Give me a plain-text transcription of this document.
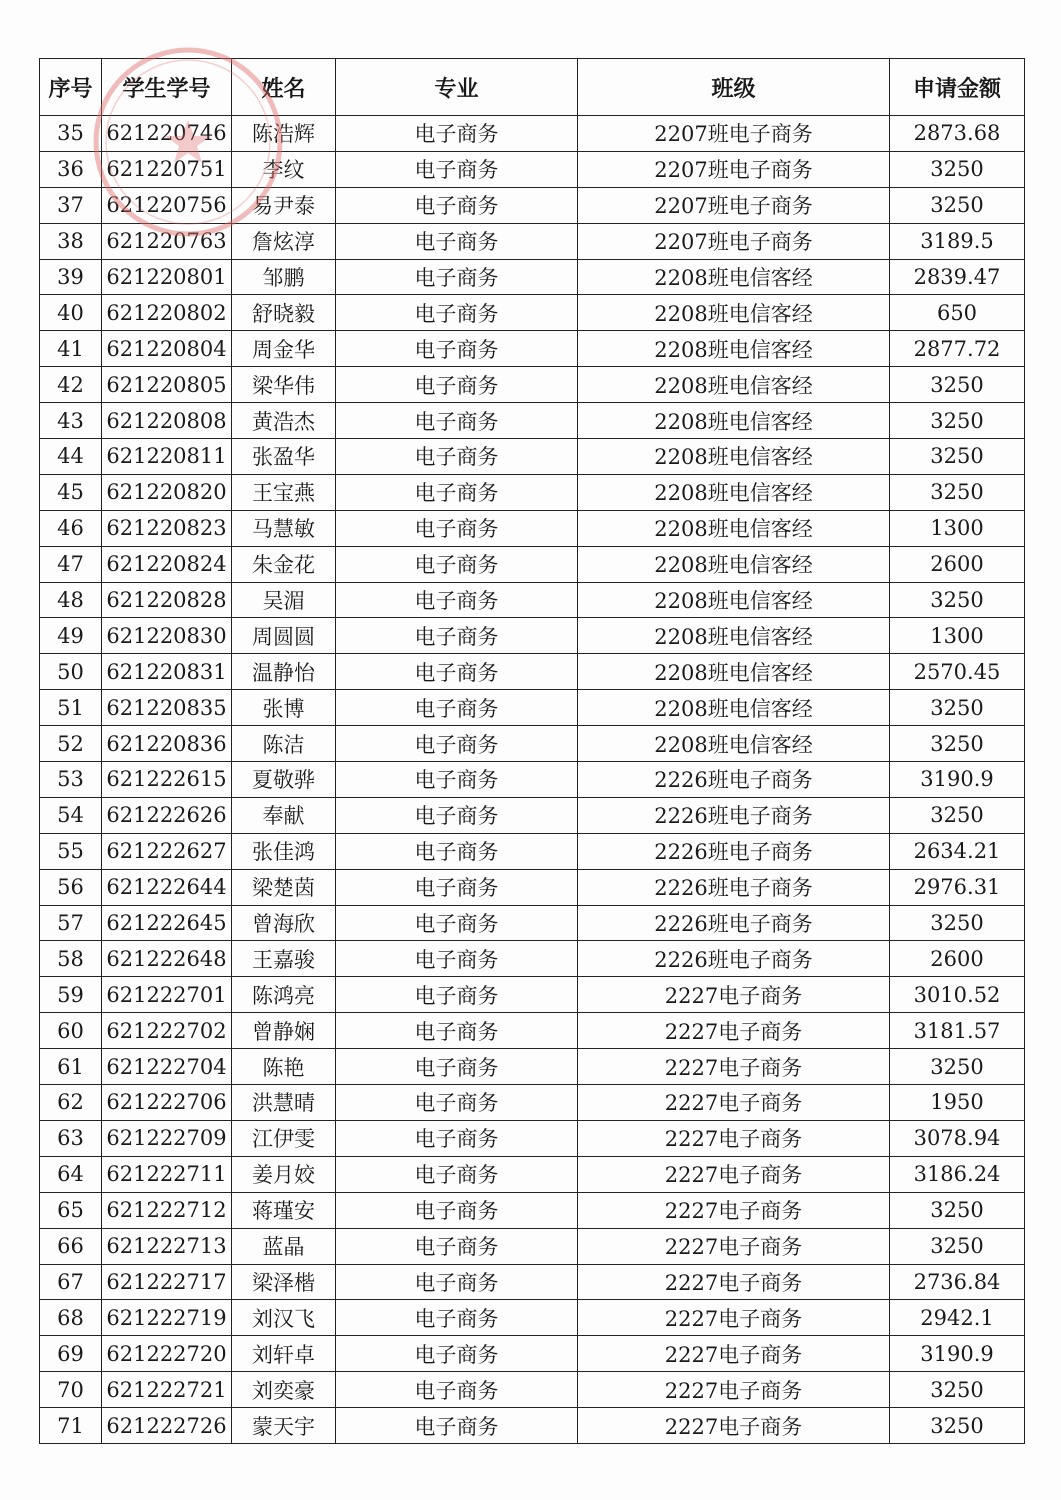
序号	学生学号	姓名	专业	班级	申请金额
35	621220746	陈浩辉	电子商务	2207班电子商务	2873.68
36	621220751	李纹	电子商务	2207班电子商务	3250
37	621220756	易尹泰	电子商务	2207班电子商务	3250
38	621220763	詹炫淳	电子商务	2207班电子商务	3189.5
39	621220801	邹鹏	电子商务	2208班电信客经	2839.47
40	621220802	舒晓毅	电子商务	2208班电信客经	650
41	621220804	周金华	电子商务	2208班电信客经	2877.72
42	621220805	梁华伟	电子商务	2208班电信客经	3250
43	621220808	黄浩杰	电子商务	2208班电信客经	3250
44	621220811	张盈华	电子商务	2208班电信客经	3250
45	621220820	王宝燕	电子商务	2208班电信客经	3250
46	621220823	马慧敏	电子商务	2208班电信客经	1300
47	621220824	朱金花	电子商务	2208班电信客经	2600
48	621220828	吴湄	电子商务	2208班电信客经	3250
49	621220830	周圆圆	电子商务	2208班电信客经	1300
50	621220831	温静怡	电子商务	2208班电信客经	2570.45
51	621220835	张博	电子商务	2208班电信客经	3250
52	621220836	陈洁	电子商务	2208班电信客经	3250
53	621222615	夏敬骅	电子商务	2226班电子商务	3190.9
54	621222626	奉献	电子商务	2226班电子商务	3250
55	621222627	张佳鸿	电子商务	2226班电子商务	2634.21
56	621222644	梁楚茵	电子商务	2226班电子商务	2976.31
57	621222645	曾海欣	电子商务	2226班电子商务	3250
58	621222648	王嘉骏	电子商务	2226班电子商务	2600
59	621222701	陈鸿亮	电子商务	2227电子商务	3010.52
60	621222702	曾静娴	电子商务	2227电子商务	3181.57
61	621222704	陈艳	电子商务	2227电子商务	3250
62	621222706	洪慧晴	电子商务	2227电子商务	1950
63	621222709	江伊雯	电子商务	2227电子商务	3078.94
64	621222711	姜月姣	电子商务	2227电子商务	3186.24
65	621222712	蒋瑾安	电子商务	2227电子商务	3250
66	621222713	蓝晶	电子商务	2227电子商务	3250
67	621222717	梁泽楷	电子商务	2227电子商务	2736.84
68	621222719	刘汉飞	电子商务	2227电子商务	2942.1
69	621222720	刘轩卓	电子商务	2227电子商务	3190.9
70	621222721	刘奕豪	电子商务	2227电子商务	3250
71	621222726	蒙天宇	电子商务	2227电子商务	3250
